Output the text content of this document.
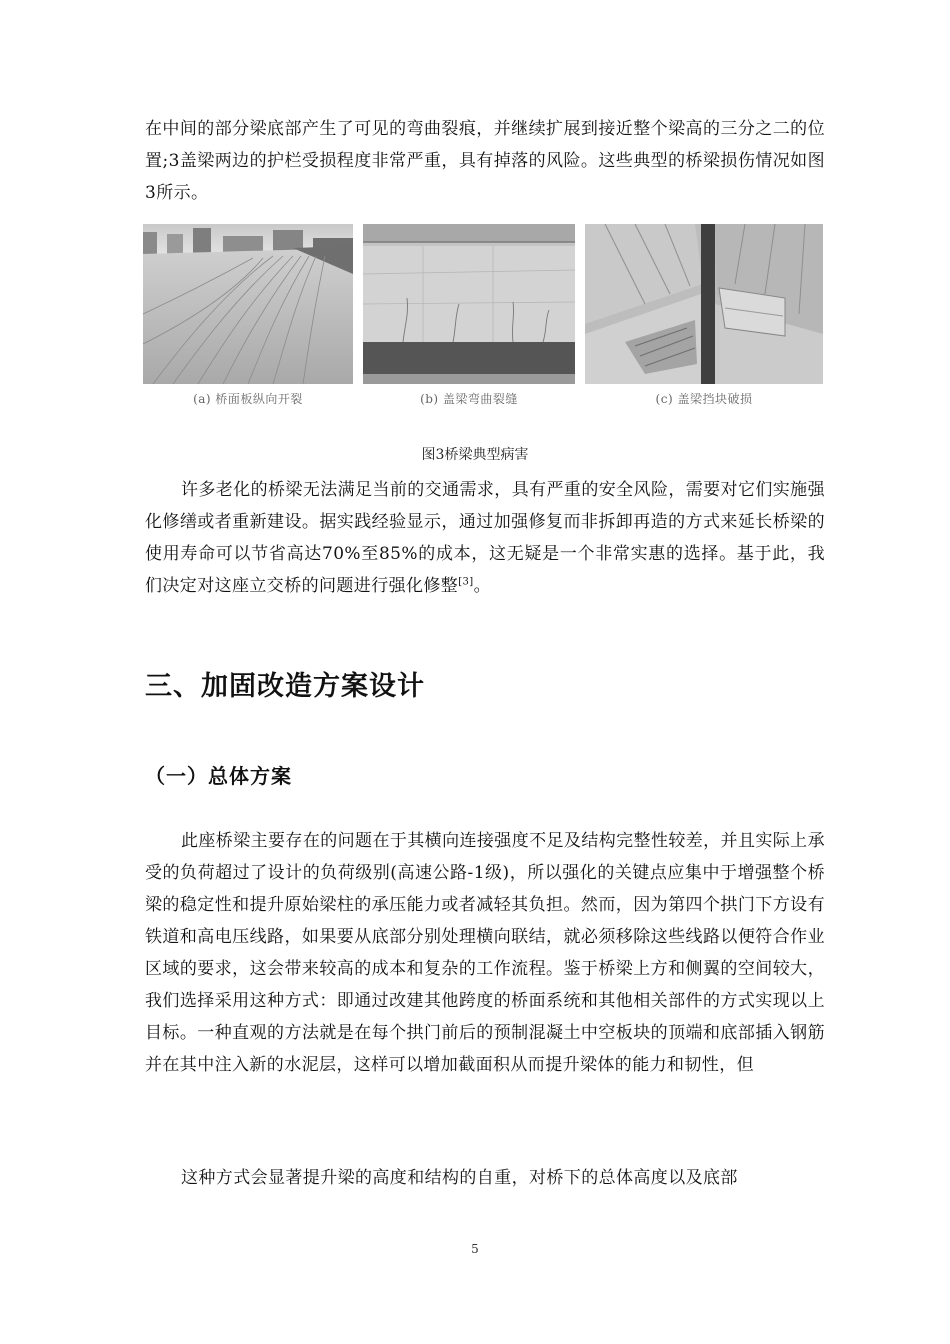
在中间的部分梁底部产生了可见的弯曲裂痕，并继续扩展到接近整个梁高的三分之二的位置;3盖梁两边的护栏受损程度非常严重，具有掉落的风险。这些典型的桥梁损伤情况如图3所示。

(a) 桥面板纵向开裂	(b) 盖梁弯曲裂缝	(c) 盖梁挡块破损
图3桥梁典型病害

许多老化的桥梁无法满足当前的交通需求，具有严重的安全风险，需要对它们实施强化修缮或者重新建设。据实践经验显示，通过加强修复而非拆卸再造的方式来延长桥梁的使用寿命可以节省高达70%至85%的成本，这无疑是一个非常实惠的选择。基于此，我们决定对这座立交桥的问题进行强化修整[3]。

三、加固改造方案设计
（一）总体方案

此座桥梁主要存在的问题在于其横向连接强度不足及结构完整性较差，并且实际上承受的负荷超过了设计的负荷级别(高速公路-1级)，所以强化的关键点应集中于增强整个桥梁的稳定性和提升原始梁柱的承压能力或者减轻其负担。然而，因为第四个拱门下方设有铁道和高电压线路，如果要从底部分别处理横向联结，就必须移除这些线路以便符合作业区域的要求，这会带来较高的成本和复杂的工作流程。鉴于桥梁上方和侧翼的空间较大，我们选择采用这种方式：即通过改建其他跨度的桥面系统和其他相关部件的方式实现以上目标。一种直观的方法就是在每个拱门前后的预制混凝土中空板块的顶端和底部插入钢筋并在其中注入新的水泥层，这样可以增加截面积从而提升梁体的能力和韧性，但

这种方式会显著提升梁的高度和结构的自重，对桥下的总体高度以及底部

5
